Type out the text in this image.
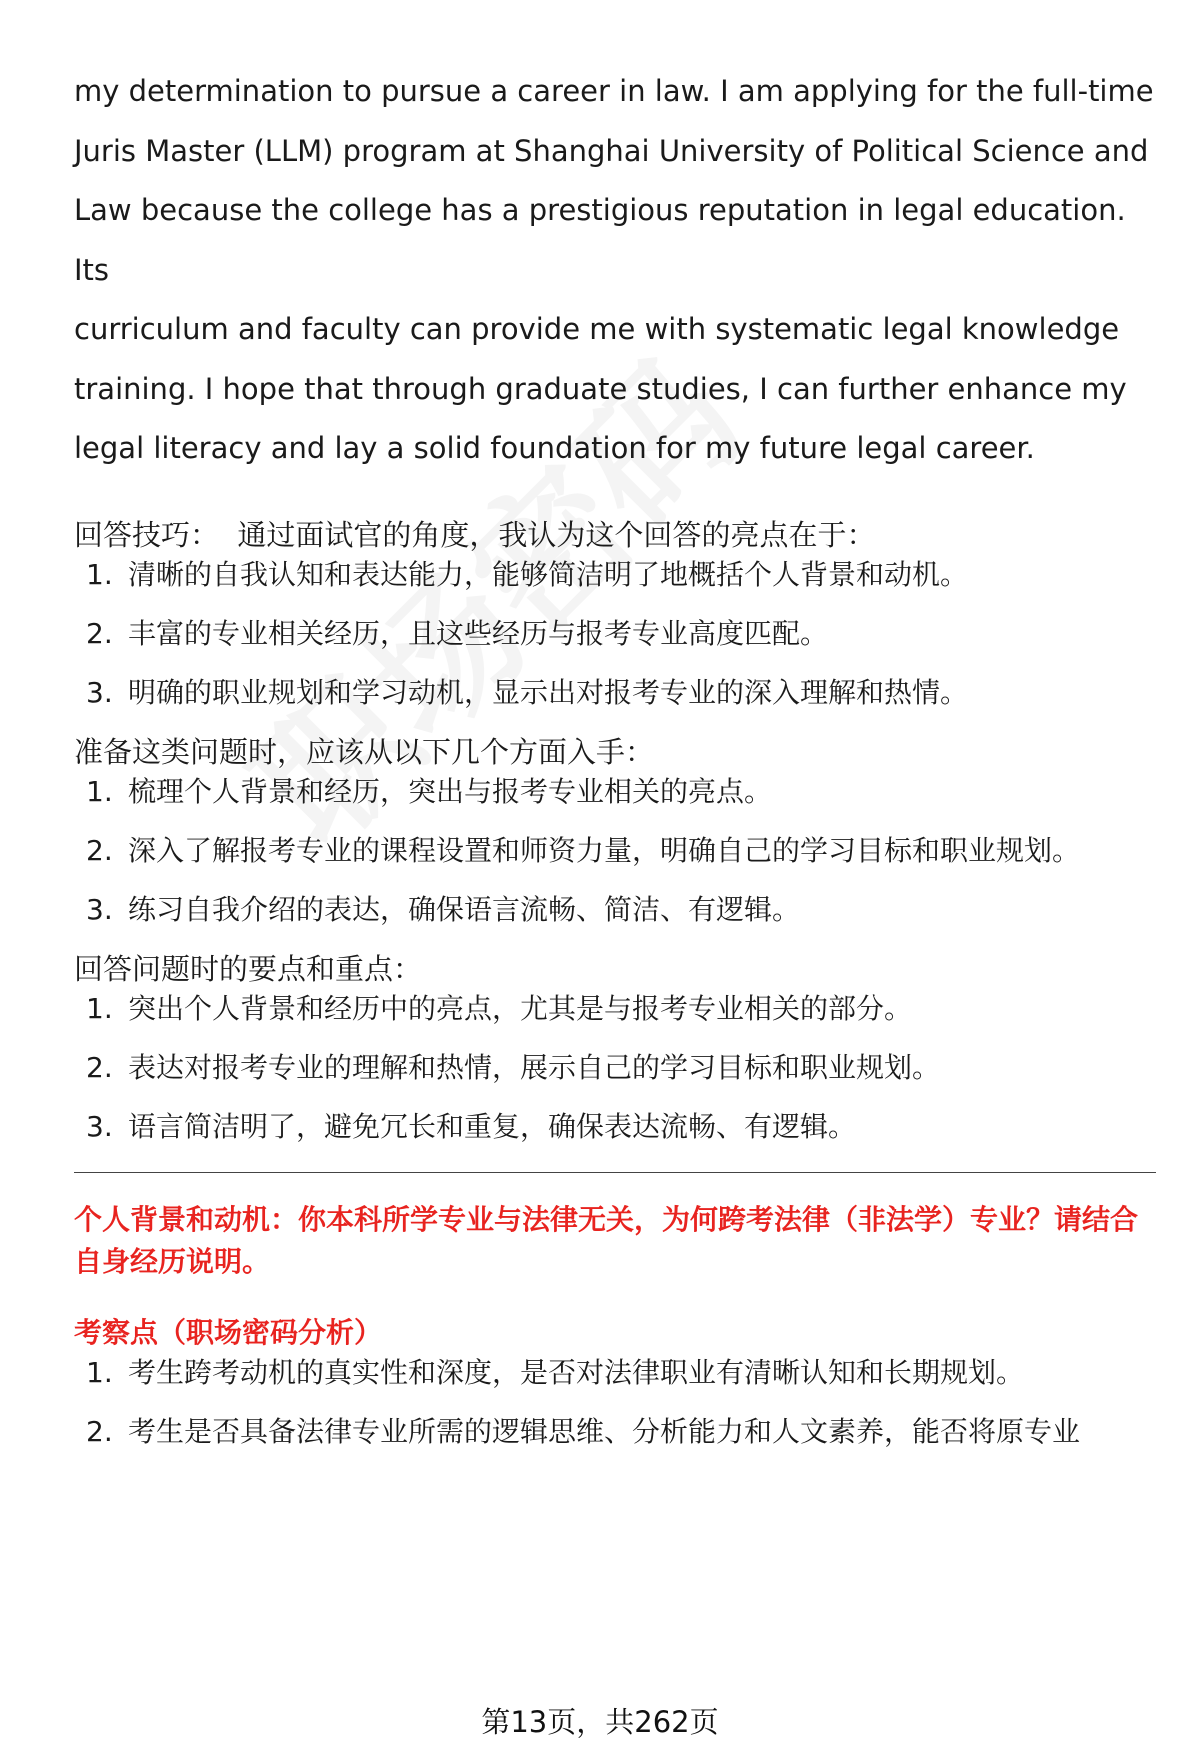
my determination to pursue a career in law. I am applying for the full-time

Juris Master (LLM) program at Shanghai University of Political Science and

Law because the college has a prestigious reputation in legal education. Its

curriculum and faculty can provide me with systematic legal knowledge

training. I hope that through graduate studies, I can further enhance my

legal literacy and lay a solid foundation for my future legal career.

回答技巧：  通过面试官的角度，我认为这个回答的亮点在于：

1. 清晰的自我认知和表达能力，能够简洁明了地概括个人背景和动机。
2. 丰富的专业相关经历，且这些经历与报考专业高度匹配。
3. 明确的职业规划和学习动机，显示出对报考专业的深入理解和热情。

准备这类问题时，应该从以下几个方面入手：

1. 梳理个人背景和经历，突出与报考专业相关的亮点。
2. 深入了解报考专业的课程设置和师资力量，明确自己的学习目标和职业规划。
3. 练习自我介绍的表达，确保语言流畅、简洁、有逻辑。

回答问题时的要点和重点：

1. 突出个人背景和经历中的亮点，尤其是与报考专业相关的部分。
2. 表达对报考专业的理解和热情，展示自己的学习目标和职业规划。
3. 语言简洁明了，避免冗长和重复，确保表达流畅、有逻辑。

个人背景和动机：你本科所学专业与法律无关，为何跨考法律（非法学）专业？请结合自身经历说明。

考察点（职场密码分析）

1. 考生跨考动机的真实性和深度，是否对法律职业有清晰认知和长期规划。
2. 考生是否具备法律专业所需的逻辑思维、分析能力和人文素养，能否将原专业
第13页，共262页
